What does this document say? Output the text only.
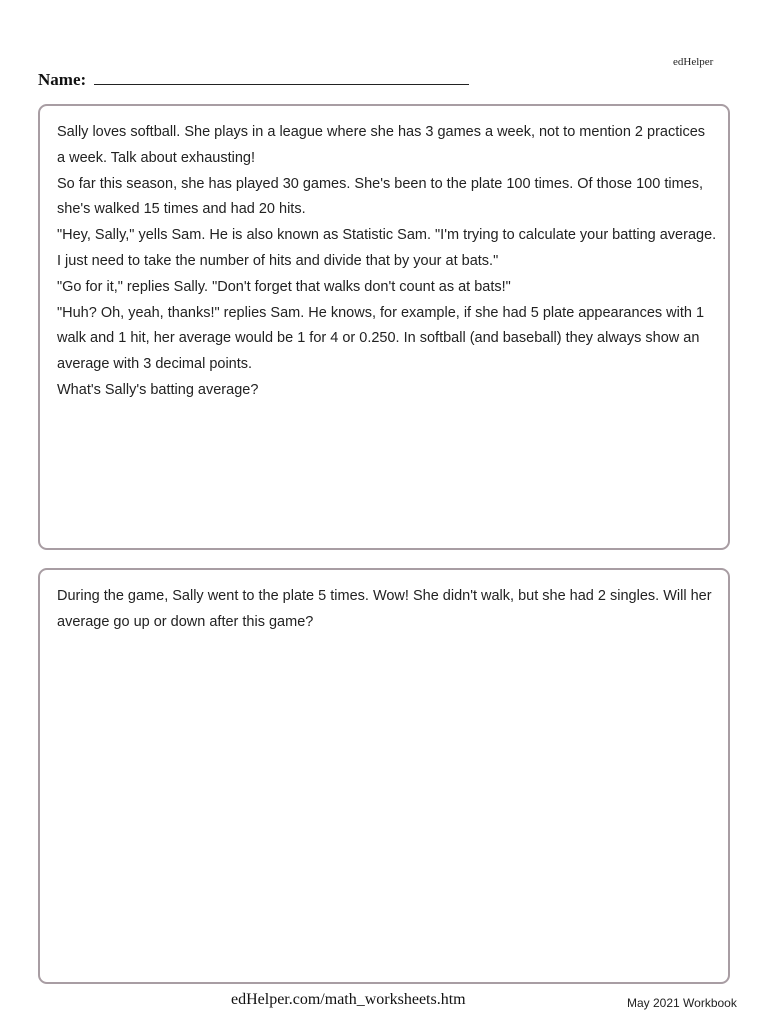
edHelper
Name:

Sally loves softball. She plays in a league where she has 3 games a week, not to mention 2 practices a week. Talk about exhausting!

So far this season, she has played 30 games. She's been to the plate 100 times. Of those 100 times, she's walked 15 times and had 20 hits.

"Hey, Sally," yells Sam. He is also known as Statistic Sam. "I'm trying to calculate your batting average. I just need to take the number of hits and divide that by your at bats."

"Go for it," replies Sally. "Don't forget that walks don't count as at bats!"

"Huh? Oh, yeah, thanks!" replies Sam. He knows, for example, if she had 5 plate appearances with 1 walk and 1 hit, her average would be 1 for 4 or 0.250. In softball (and baseball) they always show an average with 3 decimal points.

What's Sally's batting average?

During the game, Sally went to the plate 5 times. Wow! She didn't walk, but she had 2 singles. Will her average go up or down after this game?

edHelper.com/math_worksheets.htm	May 2021 Workbook
